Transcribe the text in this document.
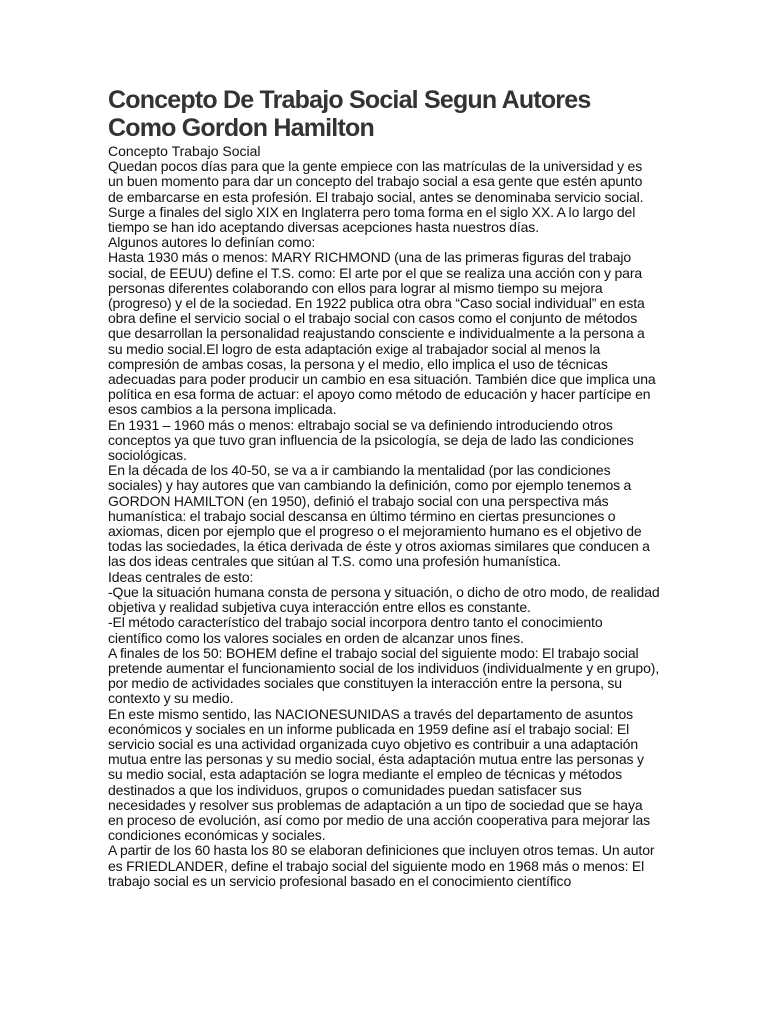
Concepto De Trabajo Social Segun Autores
Como Gordon Hamilton
Concepto Trabajo Social

Quedan pocos días para que la gente empiece con las matrículas de la universidad y es un buen momento para dar un concepto del trabajo social a esa gente que estén apunto de embarcarse en esta profesión. El trabajo social, antes se denominaba servicio social. Surge a finales del siglo XIX en Inglaterra pero toma forma en el siglo XX. A lo largo del tiempo se han ido aceptando diversas acepciones hasta nuestros días.

Algunos autores lo definían como:

Hasta 1930 más o menos: MARY RICHMOND (una de las primeras figuras del trabajo social, de EEUU) define el T.S. como: El arte por el que se realiza una acción con y para personas diferentes colaborando con ellos para lograr al mismo tiempo su mejora (progreso) y el de la sociedad. En 1922 publica otra obra “Caso social individual” en esta obra define el servicio social o el trabajo social con casos como el conjunto de métodos que desarrollan la personalidad reajustando consciente e individualmente a la persona a su medio social.El logro de esta adaptación exige al trabajador social al menos la compresión de ambas cosas, la persona y el medio, ello implica el uso de técnicas adecuadas para poder producir un cambio en esa situación. También dice que implica una política en esa forma de actuar: el apoyo como método de educación y hacer partícipe en esos cambios a la persona implicada.

En 1931 – 1960 más o menos: eltrabajo social se va definiendo introduciendo otros conceptos ya que tuvo gran influencia de la psicología, se deja de lado las condiciones sociológicas.

En la década de los 40-50, se va a ir cambiando la mentalidad (por las condiciones sociales) y hay autores que van cambiando la definición, como por ejemplo tenemos a GORDON HAMILTON (en 1950), definió el trabajo social con una perspectiva más humanística: el trabajo social descansa en último término en ciertas presunciones o axiomas, dicen por ejemplo que el progreso o el mejoramiento humano es el objetivo de todas las sociedades, la ética derivada de éste y otros axiomas similares que conducen a las dos ideas centrales que sitúan al T.S. como una profesión humanística.

Ideas centrales de esto:

-Que la situación humana consta de persona y situación, o dicho de otro modo, de realidad objetiva y realidad subjetiva cuya interacción entre ellos es constante.

-El método característico del trabajo social incorpora dentro tanto el conocimiento científico como los valores sociales en orden de alcanzar unos fines.

A finales de los 50: BOHEM define el trabajo social del siguiente modo: El trabajo social pretende aumentar el funcionamiento social de los individuos (individualmente y en grupo), por medio de actividades sociales que constituyen la interacción entre la persona, su contexto y su medio.

En este mismo sentido, las NACIONESUNIDAS a través del departamento de asuntos económicos y sociales en un informe publicada en 1959 define así el trabajo social: El servicio social es una actividad organizada cuyo objetivo es contribuir a una adaptación mutua entre las personas y su medio social, ésta adaptación mutua entre las personas y su medio social, esta adaptación se logra mediante el empleo de técnicas y métodos destinados a que los individuos, grupos o comunidades puedan satisfacer sus necesidades y resolver sus problemas de adaptación a un tipo de sociedad que se haya en proceso de evolución, así como por medio de una acción cooperativa para mejorar las condiciones económicas y sociales.

A partir de los 60 hasta los 80 se elaboran definiciones que incluyen otros temas. Un autor es FRIEDLANDER, define el trabajo social del siguiente modo en 1968 más o menos: El trabajo social es un servicio profesional basado en el conocimiento científico
